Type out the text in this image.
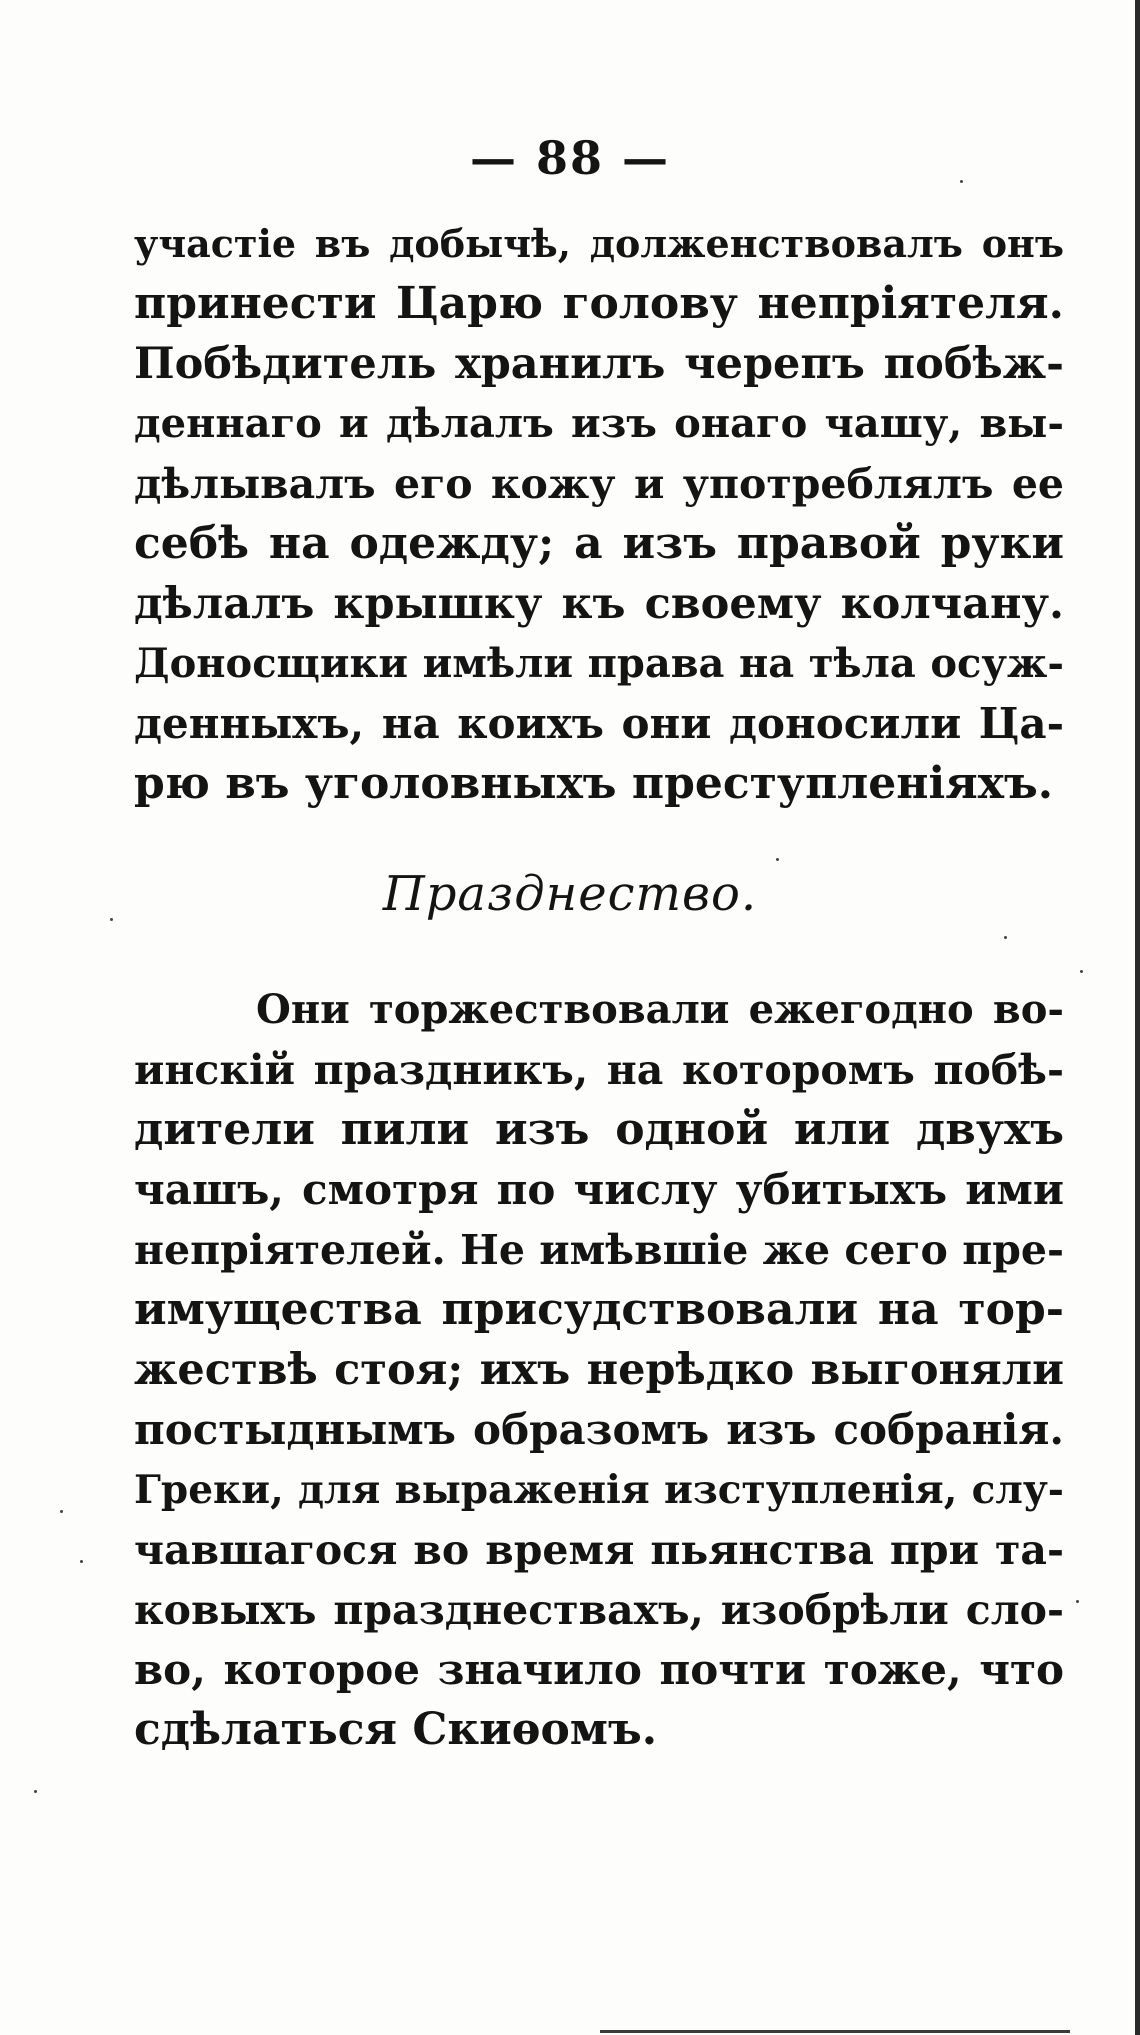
— 88 —
участіе въ добычѣ, долженствовалъ онъ
принести Царю голову непріятеля.
Побѣдитель хранилъ черепъ побѣж-
деннаго и дѣлалъ изъ онаго чашу, вы-
дѣлывалъ его кожу и употреблялъ ее
себѣ на одежду; а изъ правой руки
дѣлалъ крышку къ своему колчану.
Доносщики имѣли права на тѣла осуж-
денныхъ, на коихъ они доносили Ца-
рю въ уголовныхъ преступленіяхъ.
Празднество.
Они торжествовали ежегодно во-
инскій праздникъ, на которомъ побѣ-
дители пили изъ одной или двухъ
чашъ, смотря по числу убитыхъ ими
непріятелей. Не имѣвшіе же сего пре-
имущества присудствовали на тор-
жествѣ стоя; ихъ нерѣдко выгоняли
постыднымъ образомъ изъ собранія.
Греки, для выраженія изступленія, слу-
чавшагося во время пьянства при та-
ковыхъ празднествахъ, изобрѣли сло-
во, которое значило почти тоже, что
сдѣлаться Скиѳомъ.
